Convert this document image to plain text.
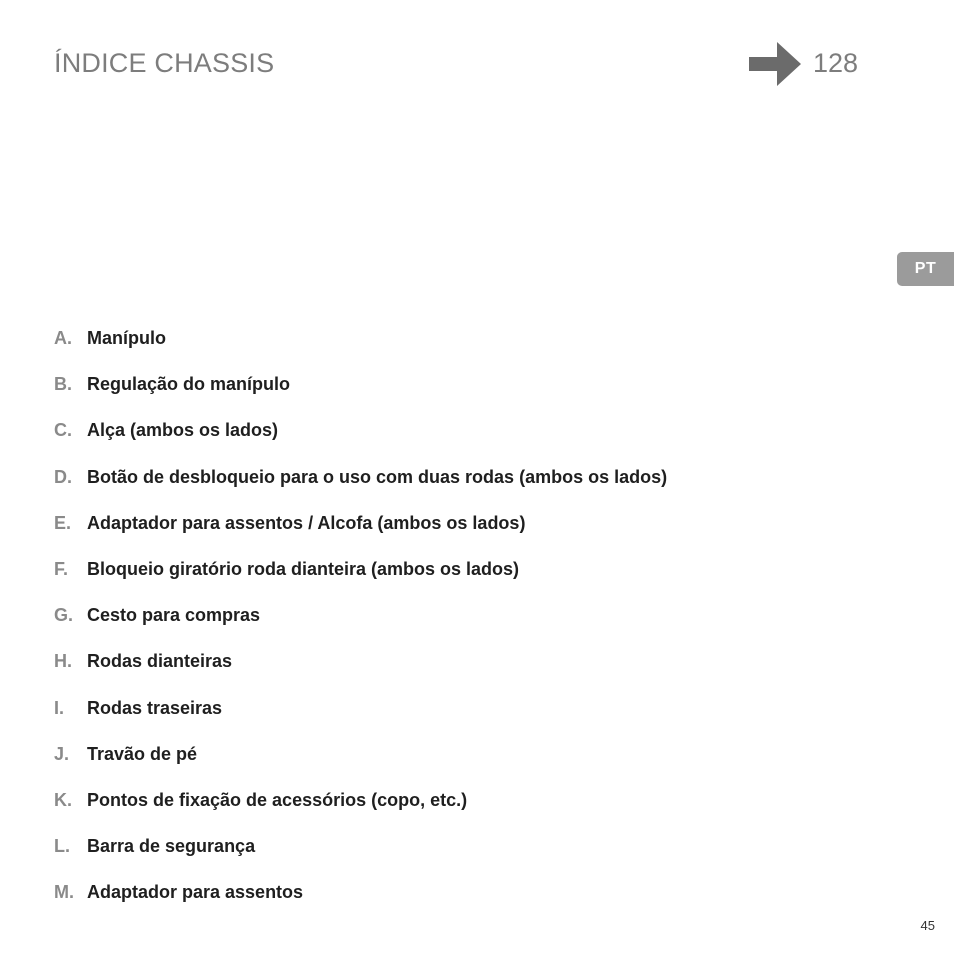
ÍNDICE CHASSIS	128
PT
A. Manípulo
B. Regulação do manípulo
C. Alça (ambos os lados)
D. Botão de desbloqueio para o uso com duas rodas (ambos os lados)
E. Adaptador para assentos / Alcofa (ambos os lados)
F.	Bloqueio giratório roda dianteira (ambos os lados)
G. Cesto para compras
H. Rodas dianteiras
I.	Rodas traseiras
J. Travão de pé
K. Pontos de fixação de acessórios (copo, etc.)
L. Barra de segurança
M. Adaptador para assentos
45
